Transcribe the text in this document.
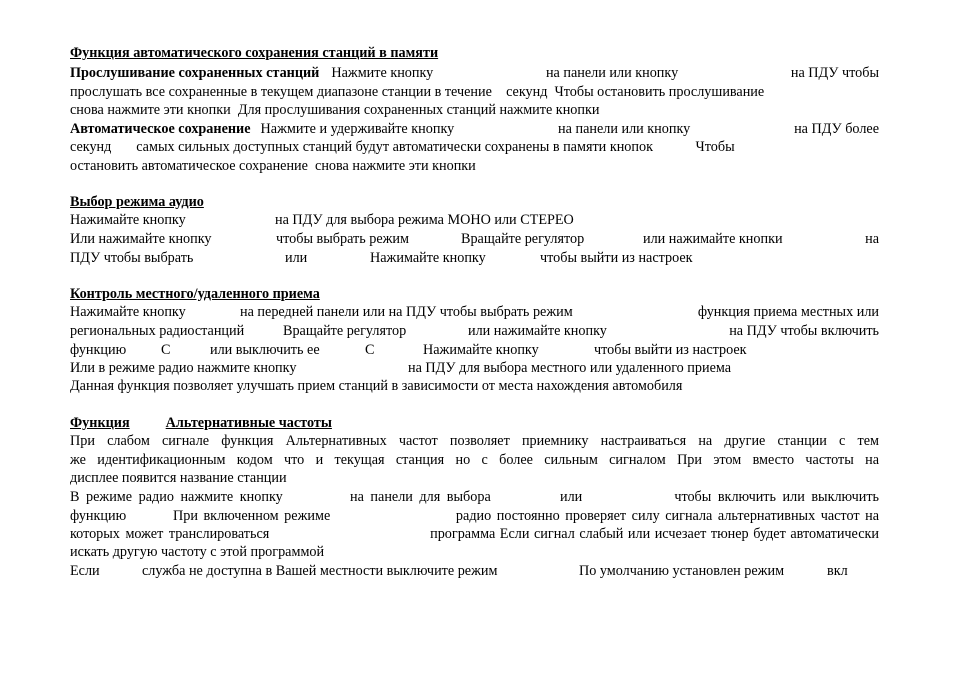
Функция автоматического сохранения станций в памяти
Прослушивание сохраненных станций Нажмите кнопку	на панели или кнопку	на ПДУ чтобы
прослушать все сохраненные в текущем диапазоне станции в течение    секунд  Чтобы остановить прослушивание
снова нажмите эти кнопки  Для прослушивания сохраненных станций нажмите кнопки
Автоматическое сохранение Нажмите и удерживайте кнопку	на панели или кнопку	на ПДУ более
секунд       самых сильных доступных станций будут автоматически сохранены в памяти кнопок            Чтобы
остановить автоматическое сохранение  снова нажмите эти кнопки
Выбор режима аудио
Нажимайте кнопку	на ПДУ для выбора режима МОНО или СТЕРЕО
Или нажимайте кнопку	чтобы выбрать режим	Вращайте регулятор	или нажимайте кнопки	на
ПДУ чтобы выбрать	или	Нажимайте кнопку	чтобы выйти из настроек
Контроль местного/удаленного приема
Нажимайте кнопку	на передней панели или на ПДУ чтобы выбрать режим	функция приема местных или
региональных радиостанций	Вращайте регулятор	или нажимайте кнопку	на ПДУ чтобы включить
функцию С	или выключить ее	С	Нажимайте кнопку	чтобы выйти из настроек
Или в режиме радио нажмите кнопку	на ПДУ для выбора местного или удаленного приема
Данная функция позволяет улучшать прием станций в зависимости от места нахождения автомобиля
Функция	Альтернативные частоты
При слабом сигнале функция Альтернативных частот позволяет приемнику настраиваться на другие станции с тем
же идентификационным кодом что и текущая станция но с более сильным сигналом При этом вместо частоты на
дисплее появится название станции
В режиме радио нажмите кнопку	на панели для выбора	или	чтобы включить или выключить
функцию	При включенном режиме	радио постоянно проверяет силу сигнала альтернативных частот на
которых может транслироваться	программа Если сигнал слабый или исчезает тюнер будет автоматически
искать другую частоту с этой программой
Если	служба не доступна в Вашей местности выключите режим	По умолчанию установлен режим	вкл
